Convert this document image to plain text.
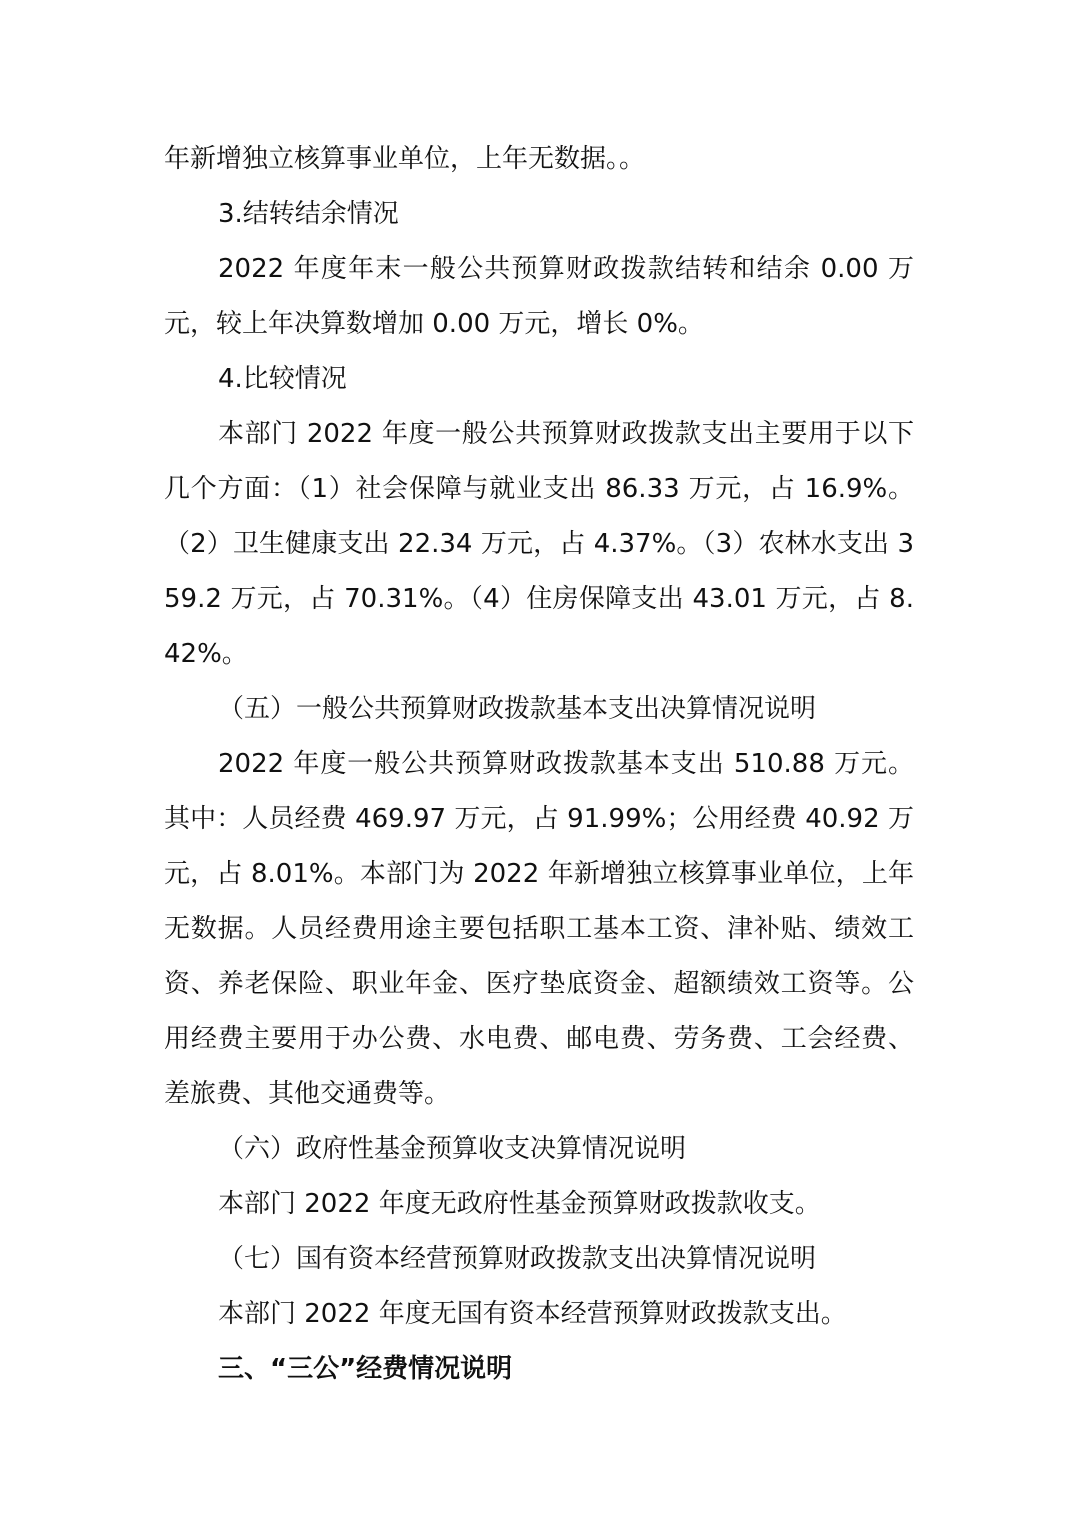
年新增独立核算事业单位，上年无数据。。

3.结转结余情况

2022 年度年末一般公共预算财政拨款结转和结余 0.00 万元，较上年决算数增加 0.00 万元，增长 0%。

4.比较情况

本部门 2022 年度一般公共预算财政拨款支出主要用于以下几个方面：（1）社会保障与就业支出 86.33 万元，占 16.9%。（2）卫生健康支出 22.34 万元，占 4.37%。（3）农林水支出 359.2 万元，占 70.31%。（4）住房保障支出 43.01 万元，占 8.42%。

（五）一般公共预算财政拨款基本支出决算情况说明

2022 年度一般公共预算财政拨款基本支出 510.88 万元。其中：人员经费 469.97 万元，占 91.99%；公用经费 40.92 万元，占 8.01%。本部门为 2022 年新增独立核算事业单位，上年无数据。人员经费用途主要包括职工基本工资、津补贴、绩效工资、养老保险、职业年金、医疗垫底资金、超额绩效工资等。公用经费主要用于办公费、水电费、邮电费、劳务费、工会经费、差旅费、其他交通费等。

（六）政府性基金预算收支决算情况说明

本部门 2022 年度无政府性基金预算财政拨款收支。

（七）国有资本经营预算财政拨款支出决算情况说明

本部门 2022 年度无国有资本经营预算财政拨款支出。

三、“三公”经费情况说明
